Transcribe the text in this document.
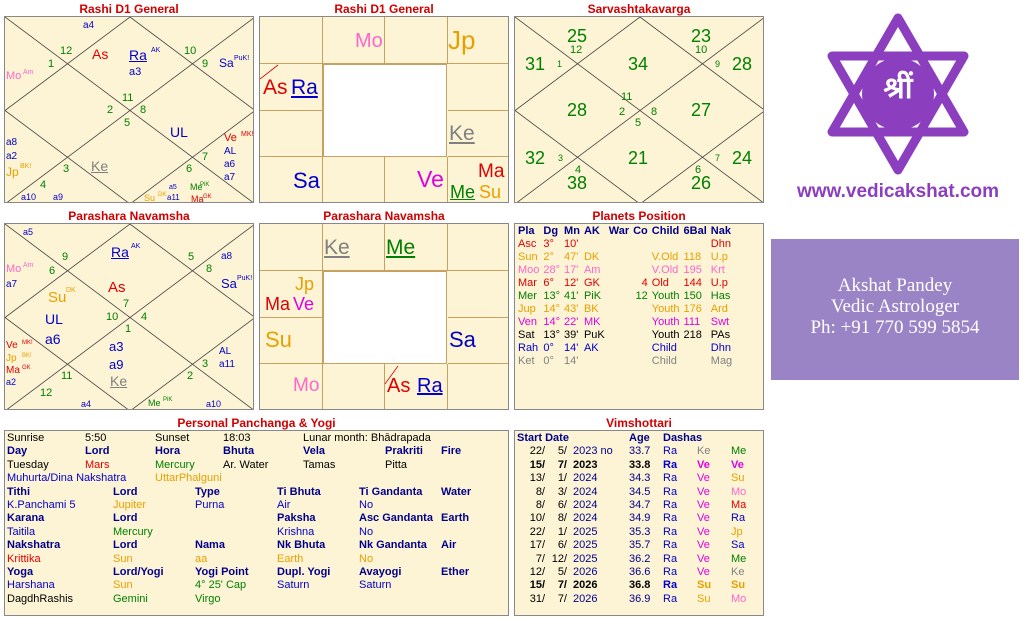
Rashi D1 General	Rashi D1 General	Sarvashtakavarga
Parashara Navamsha	Parashara Navamsha	Planets Position
Personal Panchanga & Yogi	Vimshottari
a4
12 As Ra AK 10
1
a3
9 Sa PuK!
Mo Am
11
2 8
5
UL
a8
a2
Jp BK!	3 Ke
4
Ve MK!
AL
6	a6
7
a7
a10 a9	Su DK a11
a5 Me
PiK
Ma GK
Mo	Jp
As Ra
Ke
Sa	Ve Ma
Me Su
25	23
12	10
31 1	34	9 28
28	2
11
8
5
27
32 3	21	7 24
4	6
38	26
श्रीं
www.vedicakshat.com
Akshat Pandey
Vedic Astrologer
Ph: +91 770 599 5854
a5
Ra AK
9	5
8
6
a8
Mo Am
a7	Sa PuK!
Su DK As
7
UL	10 4
1
a6	a3
Ve MK!
Jp BK!
Ma GK
a2	11
a9
Ke
AL
3 a11
12
2
a4	Me PiK	a10
Ke Me
Jp
Ma Ve
Su	Sa
Mo	As Ra
Pla	Dg	Mn	AK	War	Co	Child	6Bal	Nak
Asc	3°	10'						Dhn
Sun	2°	47'	DK			V.Old	118	U.p
Moo	28°	17'	Am			V.Old	195	Krt
Mar	6°	12'	GK		4	Old	144	U.p
Mer	13°	41'	PiK		12	Youth	150	Has
Jup	14°	43'	BK			Youth	176	Ard
Ven	14°	22'	MK			Youth	111	Swt
Sat	13°	39'	PuK			Youth	218	PAs
Rah	0°	14'	AK			Child		Dhn
Ket	0°	14'				Child		Mag
Sunrise	5:50	Sunset	18:03	Lunar month: Bhādrapada
Day	Lord	Hora	Bhuta	Vela	Prakriti Fire
Tuesday	Mars	Mercury	Ar. Water	Tamas	Pitta
Muhurta/Dina Nakshatra	UttarPhalguni
Tithi	Lord	Type	Ti Bhuta	Ti Gandanta Water
K.Panchami 5	Jupiter	Purna	Air	No
Karana	Lord	Paksha	Asc Gandanta Earth
Taitila	Mercury	Krishna	No
Nakshatra	Lord	Nama	Nk Bhuta	Nk Gandanta Air
Krittika	Sun	aa	Earth	No
Yoga	Lord/Yogi	Yogi Point	Dupl. Yogi	Avayogi	Ether
Harshana	Sun	4° 25' Cap	Saturn	Saturn
DagdhRashis	Gemini	Virgo
Start Date	Age Dashas
22/	5/ 2023 no 33.7 Ra Ke Me
15/	7/ 2023	33.8 Ra Ve Ve
13/	1/ 2024	34.3 Ra Ve Su
8/	3/ 2024	34.5 Ra Ve Mo
8/	6/ 2024	34.7 Ra Ve Ma
10/	8/ 2024	34.9 Ra Ve Ra
22/	1/ 2025	35.3 Ra Ve Jp
17/	6/ 2025	35.7 Ra Ve Sa
7/ 12/ 2025	36.2 Ra Ve Me
12/	5/ 2026	36.6 Ra Ve Ke
15/	7/ 2026	36.8 Ra Su Su
31/	7/ 2026	36.9 Ra Su Mo
